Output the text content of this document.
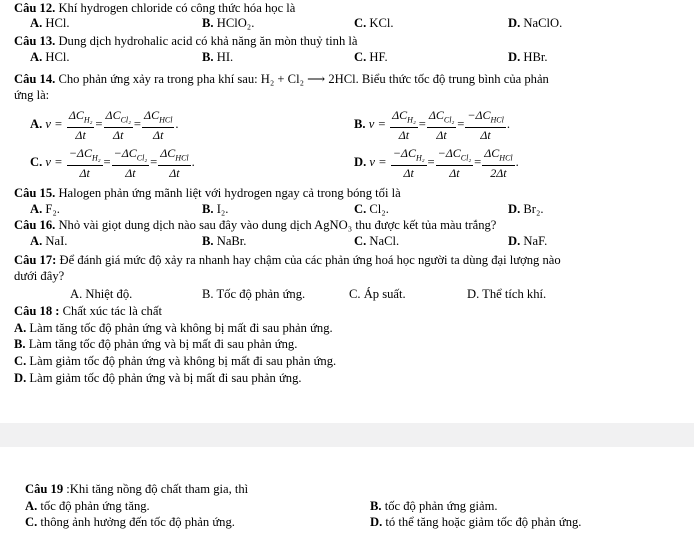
Câu 12. Khí hydrogen chloride có công thức hóa học là
A. HCl.	B. HClO₂.	C. KCl.	D. NaClO.
Câu 13. Dung dịch hydrohalic acid có khả năng ăn mòn thuỷ tinh là
A. HCl.	B. HI.	C. HF.	D. HBr.
Câu 14. Cho phản ứng xảy ra trong pha khí sau: H₂ + Cl₂ ⟶ 2HCl. Biểu thức tốc độ trung bình của phản
ứng là:
A. $v = \frac{\Delta C_{H_2}}{\Delta t} = \frac{\Delta C_{Cl_2}}{\Delta t} = \frac{\Delta C_{HCl}}{\Delta t}$ .	B. $v = \frac{\Delta C_{H_2}}{\Delta t} = \frac{\Delta C_{Cl_2}}{\Delta t} = \frac{-\Delta C_{HCl}}{\Delta t}$ .
C. $v = \frac{-\Delta C_{H_2}}{\Delta t} = \frac{-\Delta C_{Cl_2}}{\Delta t} = \frac{\Delta C_{HCl}}{\Delta t}$ .	D. $v = \frac{-\Delta C_{H_2}}{\Delta t} = \frac{-\Delta C_{Cl_2}}{\Delta t} = \frac{\Delta C_{HCl}}{2\Delta t}$ .
Câu 15. Halogen phản ứng mãnh liệt với hydrogen ngay cả trong bóng tối là
A. F₂.	B. I₂.	C. Cl₂.	D. Br₂.
Câu 16. Nhỏ vài giọt dung dịch nào sau đây vào dung dịch AgNO₃ thu được kết tủa màu trắng?
A. NaI.	B. NaBr.	C. NaCl.	D. NaF.
Câu 17: Để đánh giá mức độ xảy ra nhanh hay chậm của các phản ứng hoá học người ta dùng đại lượng nào
dưới đây?
A. Nhiệt độ.	B. Tốc độ phản ứng.	C. Áp suất.	D. Thể tích khí.
Câu 18 : Chất xúc tác là chất
A. Làm tăng tốc độ phản ứng và không bị mất đi sau phản ứng.
B. Làm tăng tốc độ phản ứng và bị mất đi sau phản ứng.
C. Làm giảm tốc độ phản ứng và không bị mất đi sau phản ứng.
D. Làm giảm tốc độ phản ứng và bị mất đi sau phản ứng.
Câu 19 :Khi tăng nồng độ chất tham gia, thì
A. tốc độ phản ứng tăng.	B. tốc độ phản ứng giảm.
C. thông ảnh hưởng đến tốc độ phản ứng.	D. tó thể tăng hoặc giảm tốc độ phản ứng.
